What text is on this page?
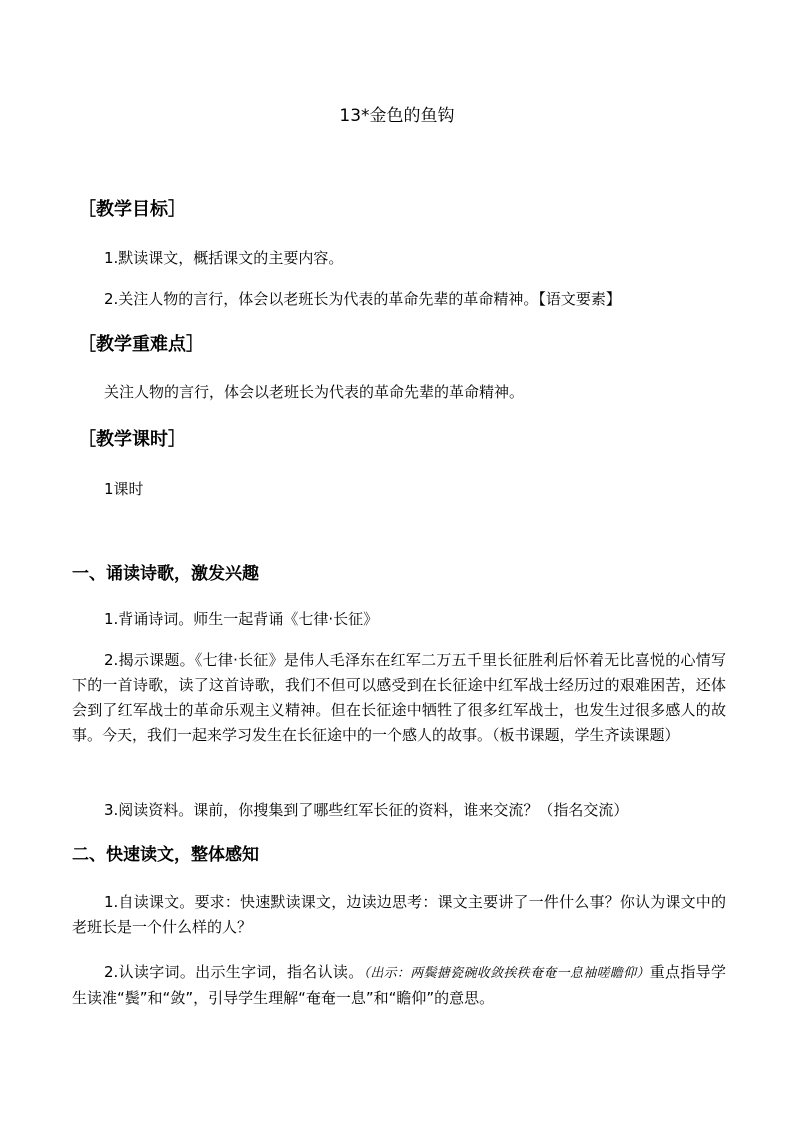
13*金色的鱼钩
［教学目标］
1.默读课文，概括课文的主要内容。
2.关注人物的言行，体会以老班长为代表的革命先辈的革命精神。【语文要素】
［教学重难点］
关注人物的言行，体会以老班长为代表的革命先辈的革命精神。
［教学课时］
1课时
一、诵读诗歌，激发兴趣
1.背诵诗词。师生一起背诵《七律·长征》
2.揭示课题。《七律·长征》是伟人毛泽东在红军二万五千里长征胜利后怀着无比喜悦的心情写下的一首诗歌，读了这首诗歌，我们不但可以感受到在长征途中红军战士经历过的艰难困苦，还体会到了红军战士的革命乐观主义精神。但在长征途中牺牲了很多红军战士，也发生过很多感人的故事。今天，我们一起来学习发生在长征途中的一个感人的故事。（板书课题，学生齐读课题）
3.阅读资料。课前，你搜集到了哪些红军长征的资料，谁来交流？（指名交流）
二、快速读文，整体感知
1.自读课文。要求：快速默读课文，边读边思考：课文主要讲了一件什么事？你认为课文中的老班长是一个什么样的人？
2.认读字词。出示生字词，指名认读。（出示：两鬓搪瓷碗收敛挨秩奄奄一息袖嗟瞻仰）重点指导学生读准“鬓”和“敛”，引导学生理解“奄奄一息”和“瞻仰”的意思。
